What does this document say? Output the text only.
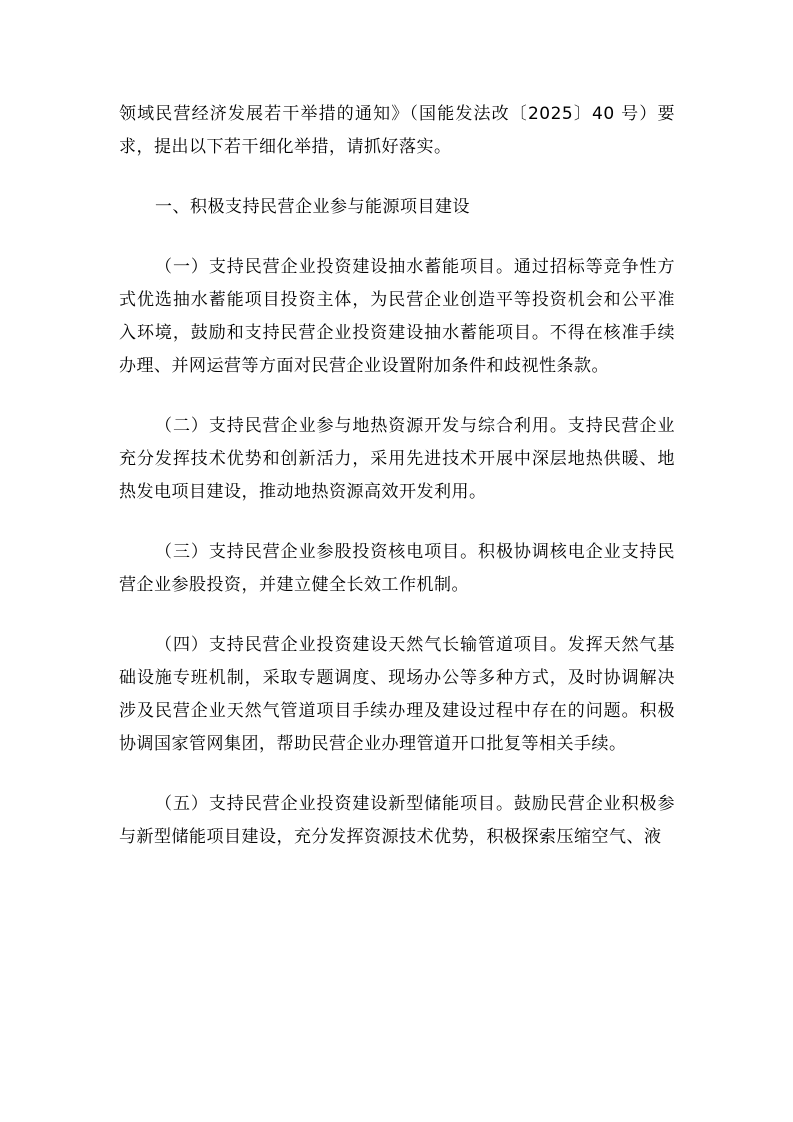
领域民营经济发展若干举措的通知》（国能发法改〔2025〕40 号）要求，提出以下若干细化举措，请抓好落实。

一、积极支持民营企业参与能源项目建设

（一）支持民营企业投资建设抽水蓄能项目。通过招标等竞争性方式优选抽水蓄能项目投资主体，为民营企业创造平等投资机会和公平准入环境，鼓励和支持民营企业投资建设抽水蓄能项目。不得在核准手续办理、并网运营等方面对民营企业设置附加条件和歧视性条款。

（二）支持民营企业参与地热资源开发与综合利用。支持民营企业充分发挥技术优势和创新活力，采用先进技术开展中深层地热供暖、地热发电项目建设，推动地热资源高效开发利用。

（三）支持民营企业参股投资核电项目。积极协调核电企业支持民营企业参股投资，并建立健全长效工作机制。

（四）支持民营企业投资建设天然气长输管道项目。发挥天然气基础设施专班机制，采取专题调度、现场办公等多种方式，及时协调解决涉及民营企业天然气管道项目手续办理及建设过程中存在的问题。积极协调国家管网集团，帮助民营企业办理管道开口批复等相关手续。

（五）支持民营企业投资建设新型储能项目。鼓励民营企业积极参与新型储能项目建设，充分发挥资源技术优势，积极探索压缩空气、液
